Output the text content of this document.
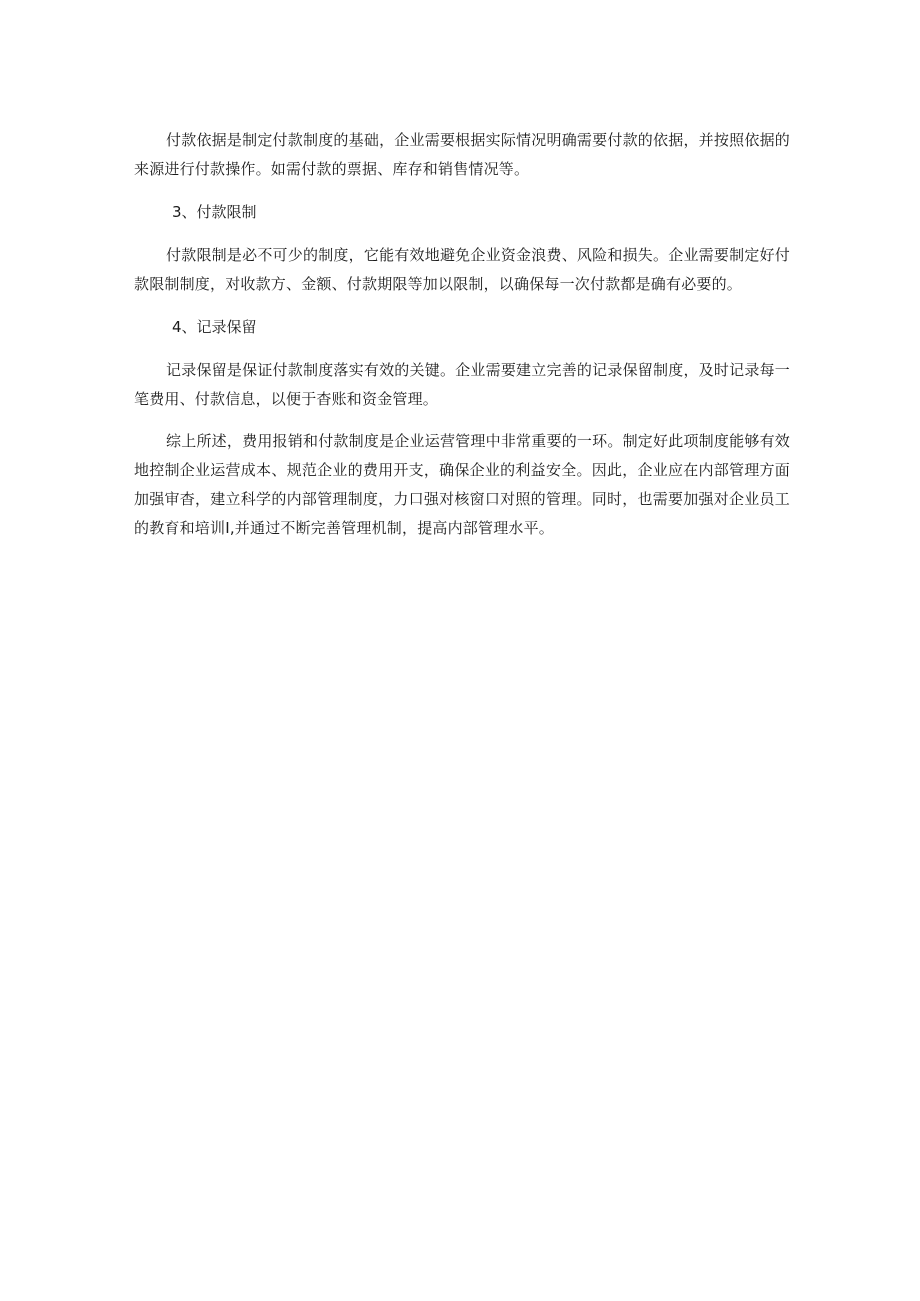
付款依据是制定付款制度的基础，企业需要根据实际情况明确需要付款的依据，并按照依据的来源进行付款操作。如需付款的票据、库存和销售情况等。

3、付款限制

付款限制是必不可少的制度，它能有效地避免企业资金浪费、风险和损失。企业需要制定好付款限制制度，对收款方、金额、付款期限等加以限制，以确保每一次付款都是确有必要的。

4、记录保留

记录保留是保证付款制度落实有效的关键。企业需要建立完善的记录保留制度，及时记录每一笔费用、付款信息，以便于杳账和资金管理。

综上所述，费用报销和付款制度是企业运营管理中非常重要的一环。制定好此项制度能够有效地控制企业运营成本、规范企业的费用开支，确保企业的利益安全。因此，企业应在内部管理方面加强审杳，建立科学的内部管理制度，力口强对核窗口对照的管理。同时，也需要加强对企业员工的教育和培训I,并通过不断完善管理机制，提高内部管理水平。
